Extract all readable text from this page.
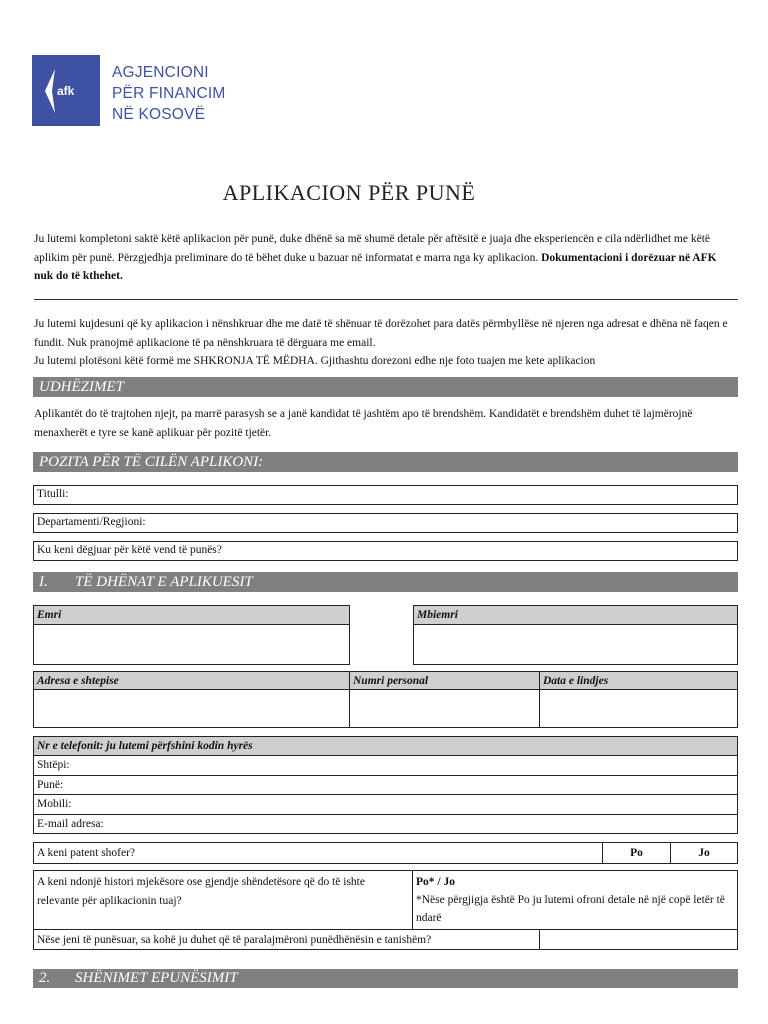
afk
AGJENCIONI
PËR FINANCIM
NË KOSOVË
APLIKACION PËR PUNË
Ju lutemi kompletoni saktë këtë aplikacion për punë, duke dhënë sa më shumë detale për aftësitë e juaja dhe eksperiencën e cila ndërlidhet me këtë aplikim për punë. Përzgjedhja preliminare do të bëhet duke u bazuar në informatat e marra nga ky aplikacion. Dokumentacioni i dorëzuar në AFK nuk do të kthehet.
Ju lutemi kujdesuni që ky aplikacion i nënshkruar dhe me datë të shënuar të dorëzohet para datës përmbyllëse në njeren nga adresat e dhëna në faqen e fundit. Nuk pranojmë aplikacione të pa nënshkruara të dërguara me email.
Ju lutemi plotësoni këtë formë me SHKRONJA TË MËDHA. Gjithashtu dorezoni edhe nje foto tuajen me kete aplikacion
UDHËZIMET
Aplikantët do të trajtohen njejt, pa marrë parasysh se a janë kandidat të jashtëm apo të brendshëm. Kandidatët e brendshëm duhet të lajmërojnë menaxherët e tyre se kanë aplikuar për pozitë tjetër.
POZITA PËR TË CILËN APLIKONI:
Titulli:
Departamenti/Regjioni:
Ku keni dëgjuar për këtë vend të punës?
I. TË DHËNAT E APLIKUESIT
Emri	Mbiemri
Adresa e shtepise	Numri personal	Data e lindjes
Nr e telefonit: ju lutemi përfshini kodin hyrës
Shtëpi:
Punë:
Mobili:
E-mail adresa:
A keni patent shofer?	Po	Jo
A keni ndonjë histori mjekësore ose gjendje shëndetësore që do të ishte relevante për aplikacionin tuaj?
Po* / Jo
*Nëse përgjigja është Po ju lutemi ofroni detale në një copë letër të ndarë
Nëse jeni të punësuar, sa kohë ju duhet që të paralajmëroni punëdhënësin e tanishëm?
2. SHËNIMET EPUNËSIMIT
